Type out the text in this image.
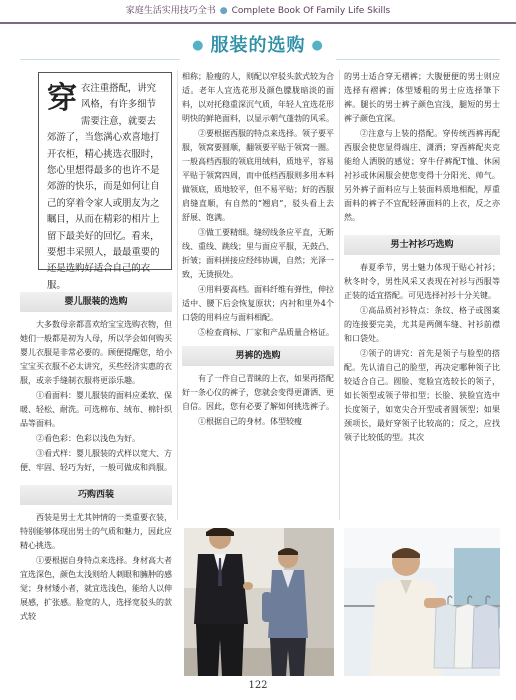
家庭生活实用技巧全书 ● Complete Book Of Family Life Skills
● 服装的选购 ●
穿衣注重搭配，讲究风格，有许多细节需要注意，就要去郊游了，当您满心欢喜地打开衣柜，精心挑选衣服时，您心里想得最多的也许不是郊游的快乐，而是如何让自己的穿着令家人或朋友为之瞩目，从而在精彩的相片上留下最美好的回忆。看来，要想丰采照人，最最重要的还是选购好适合自己的衣服。
婴儿服装的选购

大多数母亲都喜欢给宝宝选购衣物，但她们一般都是初为人母，所以学会如何购买婴儿衣服是非常必要的。顾便提醒您，给小宝宝买衣服不必太讲究，买些经济实惠的衣服，或亲手缝制衣服将更添乐趣。

①看面料：婴儿服装的面料应柔软、保暖、轻松、耐洗。可选棉布、绒布、棉针织品等面料。

②看色彩：色彩以浅色为好。

③看式样：婴儿服装的式样以宽大、方便、牢固、轻巧为好，一般可做成和尚服。

巧购西装

西装是男士尤其钟情的一类重要衣装，特别能够体现出男士的气质和魅力，因此应精心挑选。

①要根据自身特点来选择。身材高大者宜选深色，颜色太浅则给人刺眼和臃肿的感觉；身材矮小者，就宜选浅色，能给人以伸展感，扩张感。脸宽的人，选择宽驳头的款式较

相称；脸瘦的人，则配以窄驳头款式较为合适。老年人宜选花形及颜色朦胧暗淡的面料，以对托稳重深沉气质，年轻人宜选花形明快的鲜艳面料，以显示朝气蓬勃的风采。

②要根据西服的特点来选择。领子要平服，领窝要圆顺，翻领要平贴于领窝一圈。一般高档西服的领底用绒料，质地平，容易平贴于领窝四周，而中低档西服则多用本料做领底，质地较平，但不易平贴；好的西服肩缝直顺，有自然的“翘肩”，驳头看上去舒展、饱满。

③做工要精细。缝纫线条应平直，无断线、重线、跳线；里与面应平服，无鼓凸、折皱；面料拼接应经纬协调，自然；光泽一致，无烫损处。

④用料要高档。面料纤维有弹性，伸拉适中、腰下后会恢复原状；内衬和里外4个口袋的用料应与面料相配。

⑤检查商标、厂家和产品质量合格证。

男裤的选购

有了一件自己青睐的上衣，如果再搭配好一条心仪的裤子，您就会变得更潇洒、更自信。因此，您有必要了解如何挑选裤子。

①根据自己的身材。体型较瘦

的男士适合穿无褶裤；大腹便便的男士则应选择有褶裤；体型矮粗的男士应选择筆下裤。腿长的男士裤子颜色宜浅，腿短的男士裤子颜色宜深。

②注意与上装的搭配。穿传统西裤再配西服会使您显得端庄、潇洒；穿西裤配夹克能给人洒脱的感觉；穿牛仔裤配T恤、休闲衬衫或休闲服会使您变得十分阳光、帅气。另外裤子面料应与上装面料质地相配，厚重面料的裤子不宜配轻薄面料的上衣，反之亦然。

男士衬衫巧选购

春夏季节，男士魅力体现于贴心衬衫；秋冬时令，男性风采又表现在衬衫与西服等正装的适宜搭配。可见选择衬衫十分关键。

①高品质衬衫特点：条纹、格子或图案的连接要完美，尤其是两侧车缝、衬衫前襟和口袋处。

②领子的讲究：首先是领子与脸型的搭配。先认清自己的脸型，再决定哪种领子比较适合自己。圆脸、宽脸宜选较长的领子，如长领型或领子带扣型；长脸、狭脸宜选中长度领子，如宽尖合开型或者圆领型；如果颈项长，最好穿领子比较高的；反之，应找领子比较低的型。其次

122
